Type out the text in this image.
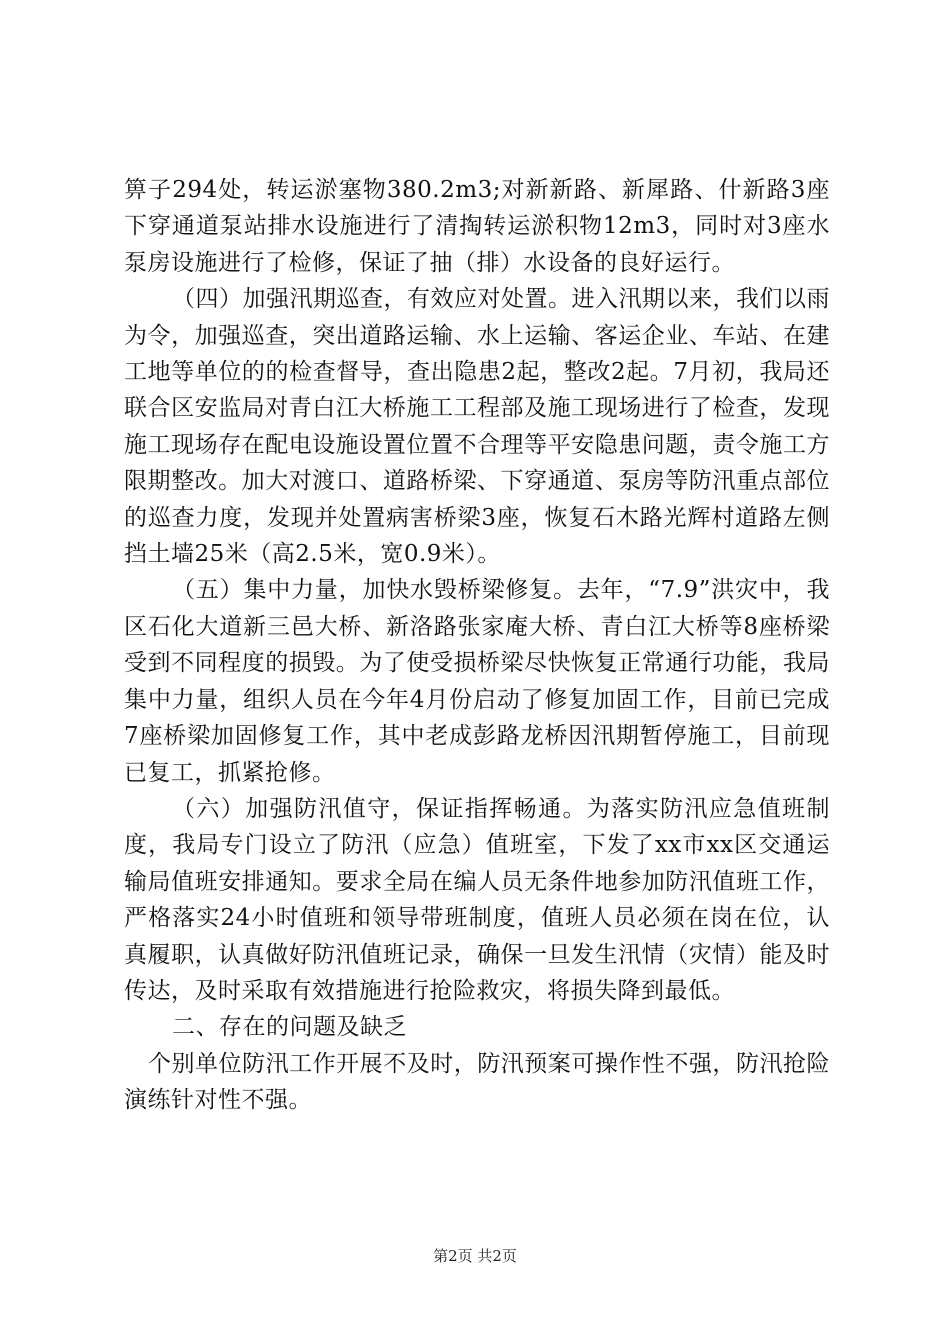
箅子294处，转运淤塞物380.2m3;对新新路、新犀路、什新路3座下穿通道泵站排水设施进行了清掏转运淤积物12m3，同时对3座水泵房设施进行了检修，保证了抽（排）水设备的良好运行。

（四）加强汛期巡查，有效应对处置。进入汛期以来，我们以雨为令，加强巡查，突出道路运输、水上运输、客运企业、车站、在建工地等单位的的检查督导，查出隐患2起，整改2起。7月初，我局还联合区安监局对青白江大桥施工工程部及施工现场进行了检查，发现施工现场存在配电设施设置位置不合理等平安隐患问题，责令施工方限期整改。加大对渡口、道路桥梁、下穿通道、泵房等防汛重点部位的巡查力度，发现并处置病害桥梁3座，恢复石木路光辉村道路左侧挡土墙25米（高2.5米，宽0.9米）。

（五）集中力量，加快水毁桥梁修复。去年，“7.9”洪灾中，我区石化大道新三邑大桥、新洛路张家庵大桥、青白江大桥等8座桥梁受到不同程度的损毁。为了使受损桥梁尽快恢复正常通行功能，我局集中力量，组织人员在今年4月份启动了修复加固工作，目前已完成7座桥梁加固修复工作，其中老成彭路龙桥因汛期暂停施工，目前现已复工，抓紧抢修。

（六）加强防汛值守，保证指挥畅通。为落实防汛应急值班制度，我局专门设立了防汛（应急）值班室，下发了xx市xx区交通运输局值班安排通知。要求全局在编人员无条件地参加防汛值班工作，严格落实24小时值班和领导带班制度，值班人员必须在岗在位，认真履职，认真做好防汛值班记录，确保一旦发生汛情（灾情）能及时传达，及时采取有效措施进行抢险救灾，将损失降到最低。

二、存在的问题及缺乏

个别单位防汛工作开展不及时，防汛预案可操作性不强，防汛抢险演练针对性不强。

第2页 共2页
